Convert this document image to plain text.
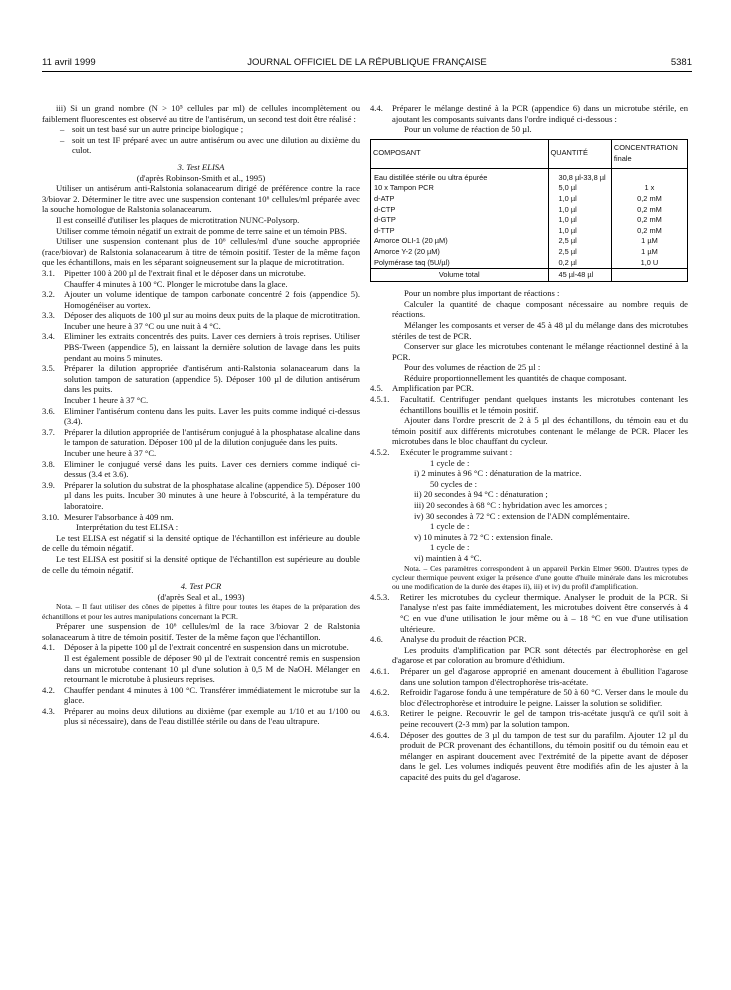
11 avril 1999	JOURNAL OFFICIEL DE LA RÉPUBLIQUE FRANÇAISE	5381

iii) Si un grand nombre (N > 10⁵ cellules par ml) de cellules incomplètement ou faiblement fluorescentes est observé au titre de l'antisérum, un second test doit être réalisé :

– soit un test basé sur un autre principe biologique ;
– soit un test IF préparé avec un autre antisérum ou avec une dilution au dixième du culot.

3. Test ELISA

(d'après Robinson-Smith et al., 1995)

Utiliser un antisérum anti-Ralstonia solanacearum dirigé de préférence contre la race 3/biovar 2. Déterminer le titre avec une suspension contenant 10⁶ cellules/ml préparée avec la souche homologue de Ralstonia solanacearum.

Il est conseillé d'utiliser les plaques de microtitration NUNC-Polysorp.

Utiliser comme témoin négatif un extrait de pomme de terre saine et un témoin PBS.

Utiliser une suspension contenant plus de 10⁶ cellules/ml d'une souche appropriée (race/biovar) de Ralstonia solanacearum à titre de témoin positif. Tester de la même façon que les échantillons, mais en les séparant soigneusement sur la plaque de microtitration.

3.1.	Pipetter 100 à 200 µl de l'extrait final et le déposer dans un microtube.
Chauffer 4 minutes à 100 °C. Plonger le microtube dans la glace.
3.2.	Ajouter un volume identique de tampon carbonate concentré 2 fois (appendice 5). Homogénéiser au vortex.
3.3.	Déposer des aliquots de 100 µl sur au moins deux puits de la plaque de microtitration. Incuber une heure à 37 °C ou une nuit à 4 °C.
3.4.	Eliminer les extraits concentrés des puits. Laver ces derniers à trois reprises. Utiliser PBS-Tween (appendice 5), en laissant la dernière solution de lavage dans les puits pendant au moins 5 minutes.
3.5.	Préparer la dilution appropriée d'antisérum anti-Ralstonia solanacearum dans la solution tampon de saturation (appendice 5). Déposer 100 µl de dilution antisérum dans les puits.
Incuber 1 heure à 37 °C.
3.6.	Eliminer l'antisérum contenu dans les puits. Laver les puits comme indiqué ci-dessus (3.4).
3.7.	Préparer la dilution appropriée de l'antisérum conjugué à la phosphatase alcaline dans le tampon de saturation. Déposer 100 µl de la dilution conjuguée dans les puits.
Incuber une heure à 37 °C.
3.8.	Eliminer le conjugué versé dans les puits. Laver ces derniers comme indiqué ci-dessus (3.4 et 3.6).
3.9.	Préparer la solution du substrat de la phosphatase alcaline (appendice 5). Déposer 100 µl dans les puits. Incuber 30 minutes à une heure à l'obscurité, à la température du laboratoire.
3.10. Mesurer l'absorbance à 409 nm.

Interprétation du test ELISA :

Le test ELISA est négatif si la densité optique de l'échantillon est inférieure au double de celle du témoin négatif.

Le test ELISA est positif si la densité optique de l'échantillon est supérieure au double de celle du témoin négatif.

4. Test PCR

(d'après Seal et al., 1993)

Nota. – Il faut utiliser des cônes de pipettes à filtre pour toutes les étapes de la préparation des échantillons et pour les autres manipulations concernant la PCR.

Préparer une suspension de 10⁶ cellules/ml de la race 3/biovar 2 de Ralstonia solanacearum à titre de témoin positif. Tester de la même façon que l'échantillon.

4.1.	Déposer à la pipette 100 µl de l'extrait concentré en suspension dans un microtube.
Il est également possible de déposer 90 µl de l'extrait concentré remis en suspension dans un microtube contenant 10 µl d'une solution à 0,5 M de NaOH. Mélanger en retournant le microtube à plusieurs reprises.
4.2.	Chauffer pendant 4 minutes à 100 °C. Transférer immédiatement le microtube sur la glace.
4.3.	Préparer au moins deux dilutions au dixième (par exemple au 1/10 et au 1/100 ou plus si nécessaire), dans de l'eau distillée stérile ou dans de l'eau ultrapure.
4.4.	Préparer le mélange destiné à la PCR (appendice 6) dans un microtube stérile, en ajoutant les composants suivants dans l'ordre indiqué ci-dessous :

Pour un volume de réaction de 50 µl.

COMPOSANT	QUANTITÉ	CONCENTRATION finale
Eau distillée stérile ou ultra épurée	30,8 µl-33,8 µl	
10 x Tampon PCR	5,0 µl	1 x
d-ATP	1,0 µl	0,2 mM
d-CTP	1,0 µl	0,2 mM
d-GTP	1,0 µl	0,2 mM
d-TTP	1,0 µl	0,2 mM
Amorce OLI-1 (20 µM)	2,5 µl	1 µM
Amorce Y-2 (20 µM)	2,5 µl	1 µM
Polymérase taq (5U/µl)	0,2 µl	1,0 U
Volume total	45 µl-48 µl	

Pour un nombre plus important de réactions :

Calculer la quantité de chaque composant nécessaire au nombre requis de réactions.

Mélanger les composants et verser de 45 à 48 µl du mélange dans des microtubes stériles de test de PCR.

Conserver sur glace les microtubes contenant le mélange réactionnel destiné à la PCR.

Pour des volumes de réaction de 25 µl :

Réduire proportionnellement les quantités de chaque composant.

4.5.	Amplification par PCR.
4.5.1.	Facultatif. Centrifuger pendant quelques instants les microtubes contenant les échantillons bouillis et le témoin positif.

Ajouter dans l'ordre prescrit de 2 à 5 µl des échantillons, du témoin eau et du témoin positif aux différents microtubes contenant le mélange de PCR. Placer les microtubes dans le bloc chauffant du cycleur.

4.5.2.	Exécuter le programme suivant :

1 cycle de :

i) 2 minutes à 96 °C : dénaturation de la matrice.

50 cycles de :

ii) 20 secondes à 94 °C : dénaturation ;

iii) 20 secondes à 68 °C : hybridation avec les amorces ;

iv) 30 secondes à 72 °C : extension de l'ADN complémentaire.

1 cycle de :

v) 10 minutes à 72 °C : extension finale.

1 cycle de :

vi) maintien à 4 °C.

Nota. – Ces paramètres correspondent à un appareil Perkin Elmer 9600. D'autres types de cycleur thermique peuvent exiger la présence d'une goutte d'huile minérale dans les microtubes ou une modification de la durée des étapes ii), iii) et iv) du profil d'amplification.

4.5.3.	Retirer les microtubes du cycleur thermique. Analyser le produit de la PCR. Si l'analyse n'est pas faite immédiatement, les microtubes doivent être conservés à 4 °C en vue d'une utilisation le jour même ou à – 18 °C en vue d'une utilisation ultérieure.
4.6.	Analyse du produit de réaction PCR.

Les produits d'amplification par PCR sont détectés par électrophorèse en gel d'agarose et par coloration au bromure d'éthidium.

4.6.1.	Préparer un gel d'agarose approprié en amenant doucement à ébullition l'agarose dans une solution tampon d'électrophorèse tris-acétate.
4.6.2.	Refroidir l'agarose fondu à une température de 50 à 60 °C. Verser dans le moule du bloc d'électrophorèse et introduire le peigne. Laisser la solution se solidifier.
4.6.3.	Retirer le peigne. Recouvrir le gel de tampon tris-acétate jusqu'à ce qu'il soit à peine recouvert (2-3 mm) par la solution tampon.
4.6.4.	Déposer des gouttes de 3 µl du tampon de test sur du parafilm. Ajouter 12 µl du produit de PCR provenant des échantillons, du témoin positif ou du témoin eau et mélanger en aspirant doucement avec l'extrémité de la pipette avant de déposer dans le gel. Les volumes indiqués peuvent être modifiés afin de les ajuster à la capacité des puits du gel d'agarose.
